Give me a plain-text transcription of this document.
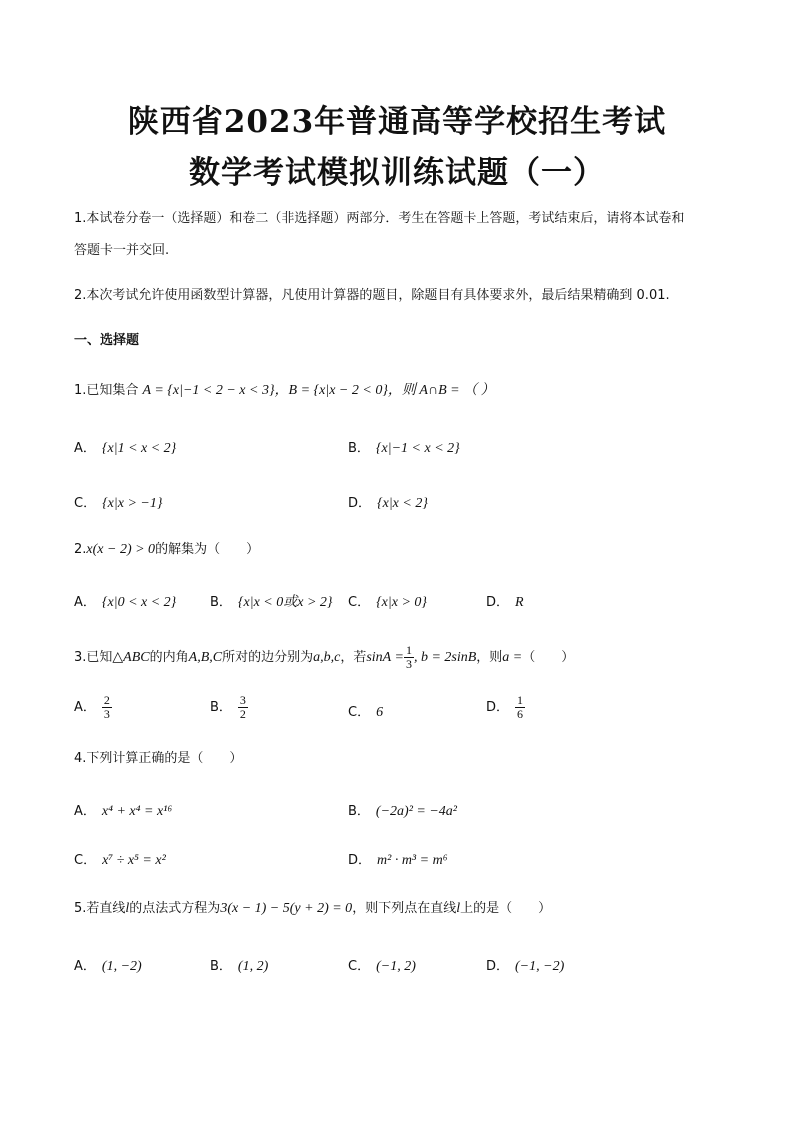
陕西省2023年普通高等学校招生考试
数学考试模拟训练试题（一）
1.本试卷分卷一（选择题）和卷二（非选择题）两部分．考生在答题卡上答题，考试结束后，请将本试卷和
答题卡一并交回.
2.本次考试允许使用函数型计算器，凡使用计算器的题目，除题目有具体要求外，最后结果精确到 0.01.
一、选择题
1.已知集合 A = {x|−1 < 2 − x < 3}，B = {x|x − 2 < 0}，则 A∩B = （ ）
A． {x|1 < x < 2}	B． {x|−1 < x < 2}
C． {x|x > −1}	D． {x|x < 2}
2.x(x − 2) > 0的解集为（　　）
A． {x|0 < x < 2}	B． {x|x < 0或x > 2} C． {x|x > 0}	D． R
3.已知△ABC的内角A,B,C所对的边分别为a,b,c，若$\sin A = \frac{1}{3}$ , b = 2sinB，则a =（　　）
A． $\frac{2}{3}$	B． $\frac{3}{2}$	C． 6	D． $\frac{1}{6}$
4.下列计算正确的是（　　）
A． x⁴ + x⁴ = x¹⁶	B． (−2a)² = −4a²
C． x⁷ ÷ x⁵ = x²	D． m² · m³ = m⁶
5.若直线l的点法式方程为3(x − 1) − 5(y + 2) = 0，则下列点在直线l上的是（　　）
A． (1, −2)	B． (1, 2)	C． (−1, 2)	D． (−1, −2)
